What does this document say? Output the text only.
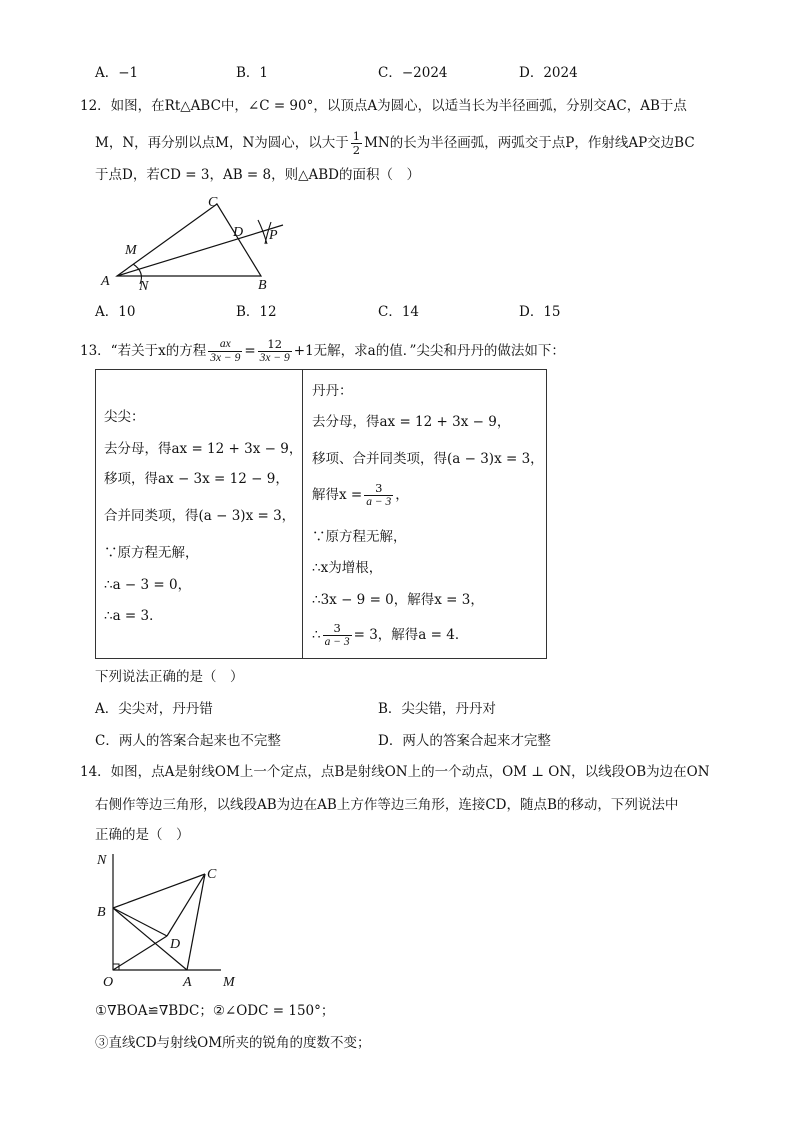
A．−1	B．1	C．−2024	D．2024
12．如图，在Rt△ABC中，∠C = 90°，以顶点A为圆心，以适当长为半径画弧，分别交AC，AB于点
M，N，再分别以点M，N为圆心，以大于 $\frac{1}{2}$ MN的长为半径画弧，两弧交于点P，作射线AP交边BC
于点D，若CD = 3，AB = 8，则△ABD的面积（　）
A
C
B
D
M
N
P
A．10	B．12	C．14	D．15
13．“若关于x的方程 $\frac{ax}{3x - 9} = \frac{12}{3x - 9} +1$无解，求a的值．”尖尖和丹丹的做法如下：
尖尖：
去分母，得ax = 12 + 3x − 9，
移项，得ax − 3x = 12 − 9，
合并同类项，得(a − 3)x = 3，
∵原方程无解，
∴a − 3 = 0，
∴a = 3．
丹丹：
去分母，得ax = 12 + 3x − 9，
移项、合并同类项，得(a − 3)x = 3，
解得$x = \frac{3}{a - 3}$ ，
∵原方程无解，
∴x为增根，
∴3x − 9 = 0，解得x = 3，
∴ $\frac{3}{a - 3} = 3$，解得a = 4．
下列说法正确的是（　）
A．尖尖对，丹丹错	B．尖尖错，丹丹对
C．两人的答案合起来也不完整	D．两人的答案合起来才完整
14．如图，点A是射线OM上一个定点，点B是射线ON上的一个动点，OM ⊥ ON，以线段OB为边在ON
右侧作等边三角形，以线段AB为边在AB上方作等边三角形，连接CD，随点B的移动，下列说法中
正确的是（　）
N
C
B
D
O	A M
①∇BOA≌∇BDC；②∠ODC = 150°；
③直线CD与射线OM所夹的锐角的度数不变；
